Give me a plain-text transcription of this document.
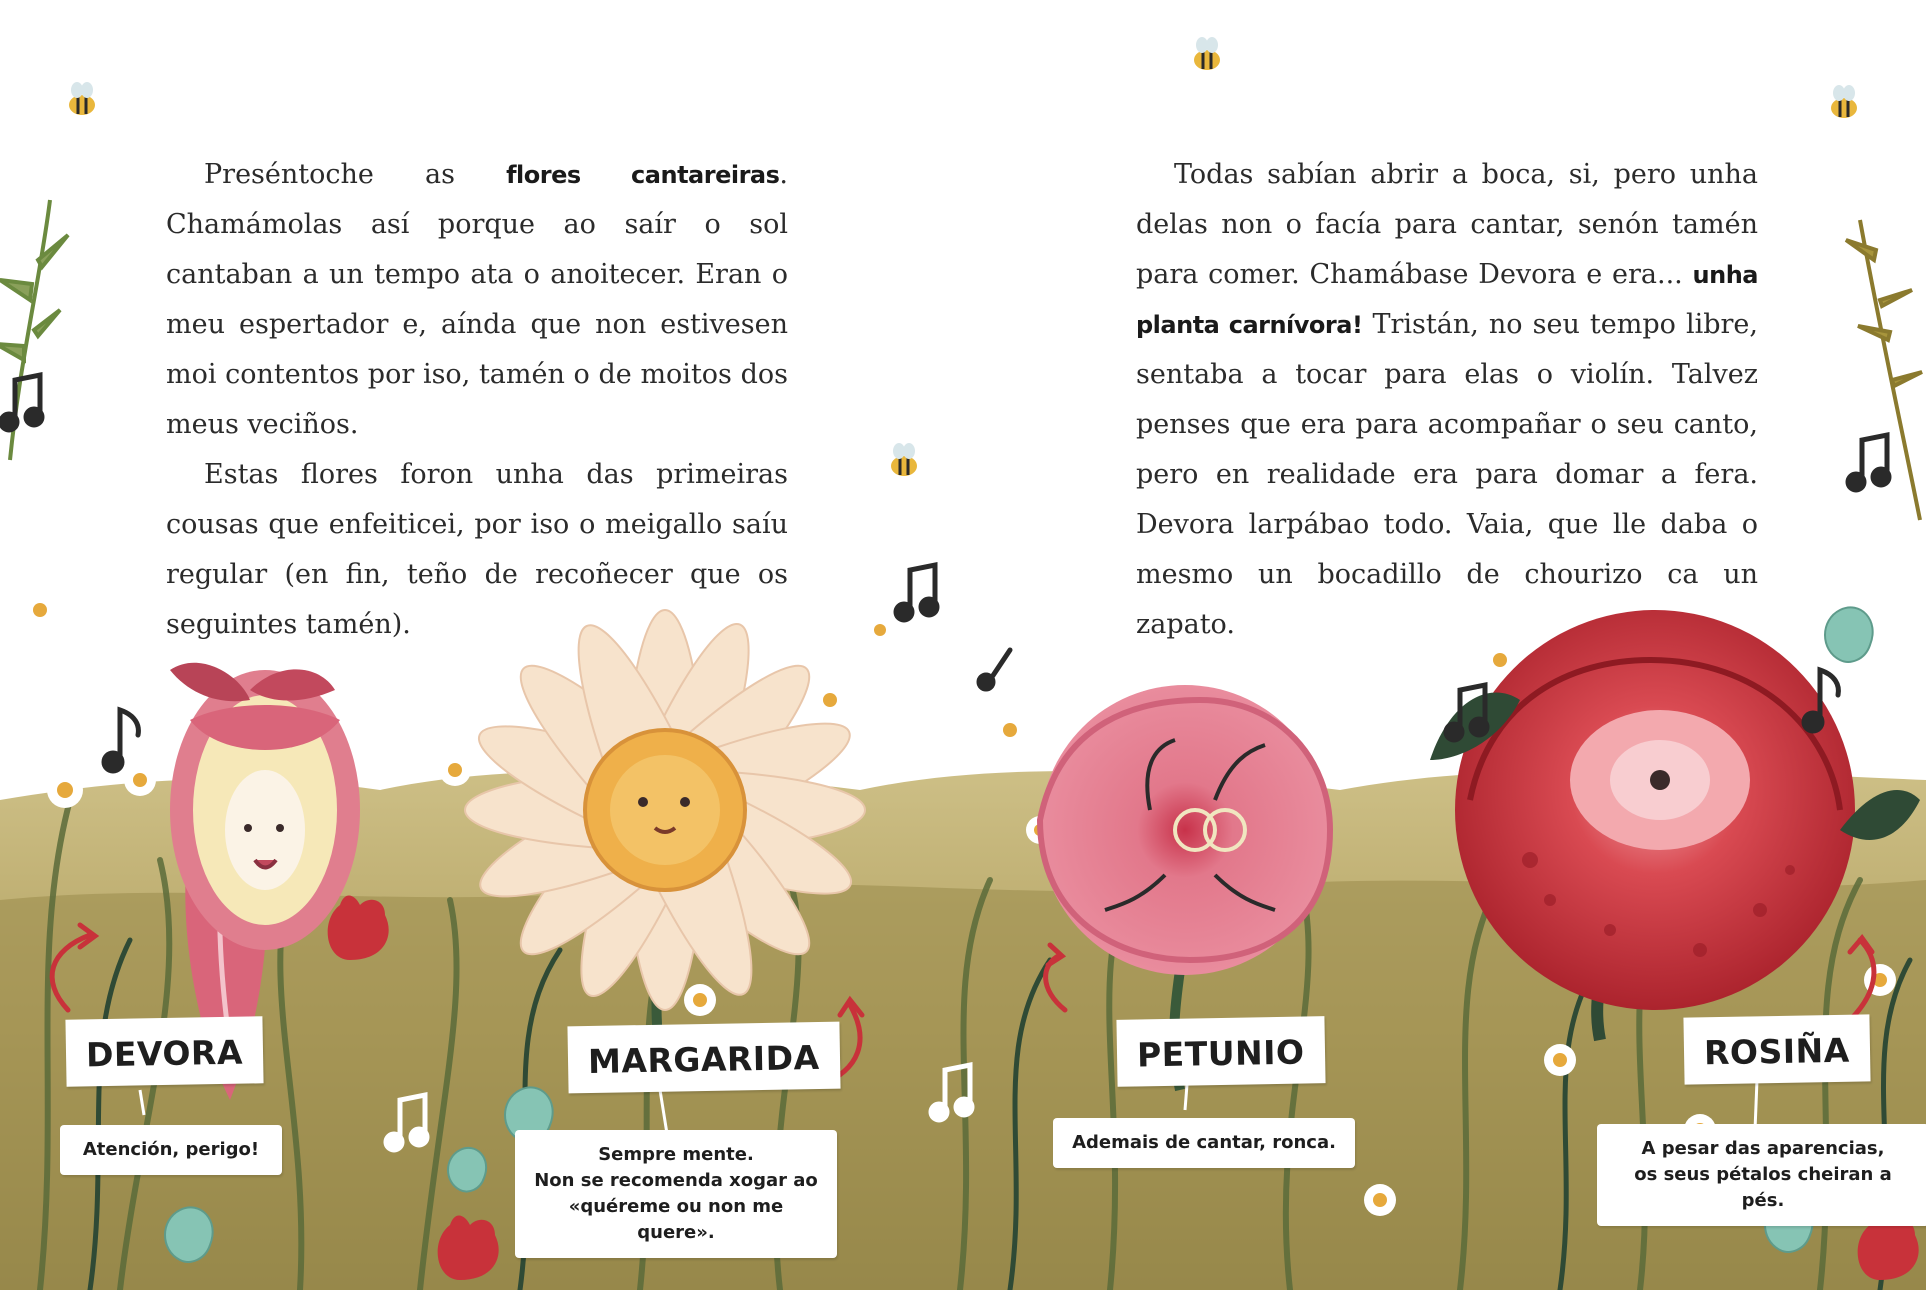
Preséntoche as flores cantareiras. Chamámolas así porque ao saír o sol cantaban a un tempo ata o anoitecer. Eran o meu espertador e, aínda que non estivesen moi contentos por iso, tamén o de moitos dos meus veciños.

Estas flores foron unha das primeiras cousas que enfeiticei, por iso o meigallo saíu regular (en fin, teño de recoñecer que os seguintes tamén).

Todas sabían abrir a boca, si, pero unha delas non o facía para cantar, senón tamén para comer. Chamábase Devora e era... unha planta carnívora! Tristán, no seu tempo libre, sentaba a tocar para elas o violín. Talvez penses que era para acompañar o seu canto, pero en realidade era para domar a fera. Devora larpábao todo. Vaia, que lle daba o mesmo un bocadillo de chourizo ca un zapato.

DEVORA	MARGARIDA	PETUNIO	ROSIÑA
Atención, perigo!	Sempre mente.
Non se recomenda xogar ao
«quéreme ou non me quere».
Ademais de cantar, ronca.	A pesar das aparencias,
os seus pétalos cheiran a pés.
